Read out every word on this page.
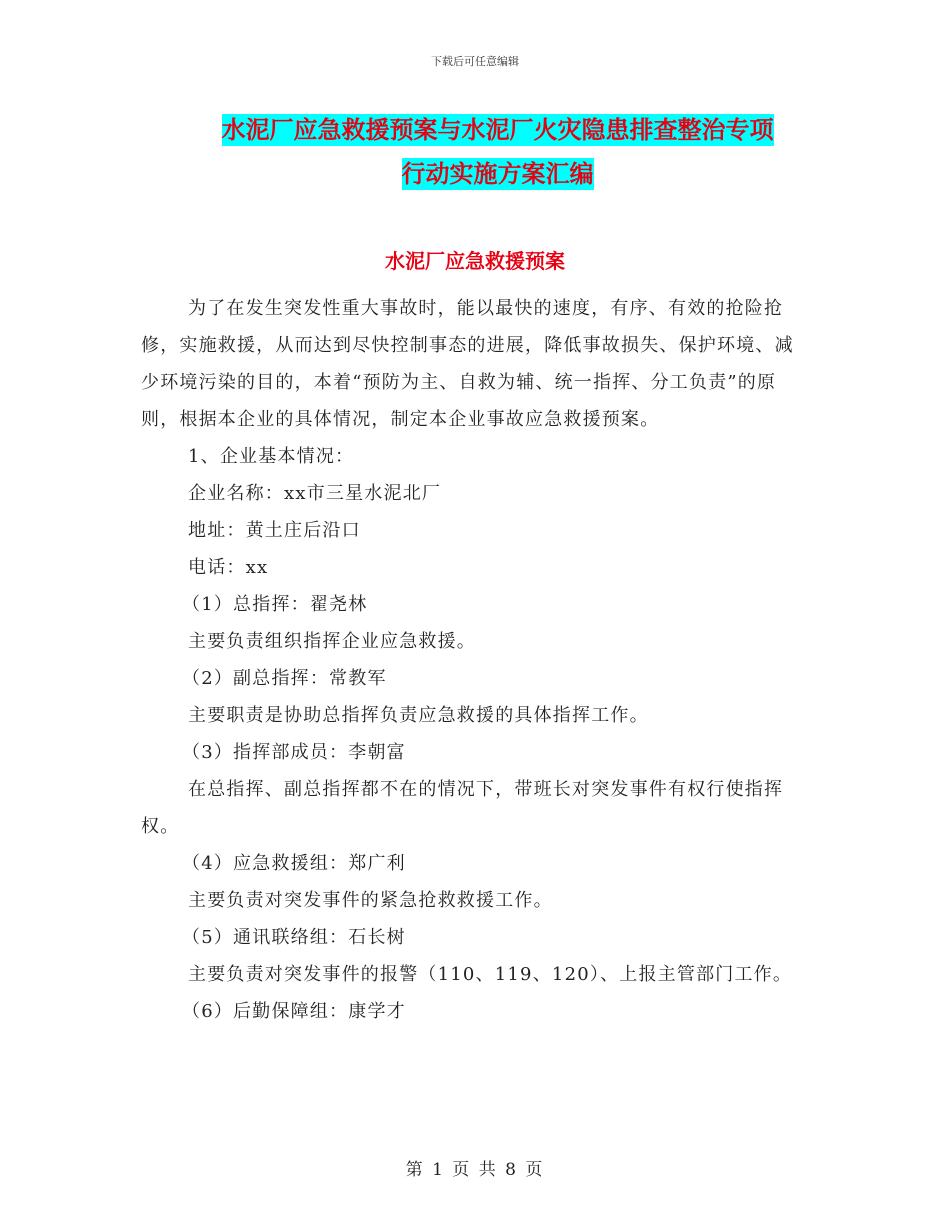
下载后可任意编辑
水泥厂应急救援预案与水泥厂火灾隐患排查整治专项
行动实施方案汇编
水泥厂应急救援预案

为了在发生突发性重大事故时，能以最快的速度，有序、有效的抢险抢修，实施救援，从而达到尽快控制事态的进展，降低事故损失、保护环境、减少环境污染的目的，本着“预防为主、自救为辅、统一指挥、分工负责”的原则，根据本企业的具体情况，制定本企业事故应急救援预案。

1、企业基本情况：

企业名称：xx市三星水泥北厂

地址：黄土庄后沿口

电话：xx

（1）总指挥：翟尧林

主要负责组织指挥企业应急救援。

（2）副总指挥：常教军

主要职责是协助总指挥负责应急救援的具体指挥工作。

（3）指挥部成员：李朝富

在总指挥、副总指挥都不在的情况下，带班长对突发事件有权行使指挥权。

（4）应急救援组：郑广利

主要负责对突发事件的紧急抢救救援工作。

（5）通讯联络组：石长树

主要负责对突发事件的报警（110、119、120）、上报主管部门工作。

（6）后勤保障组：康学才

第 1 页 共 8 页
